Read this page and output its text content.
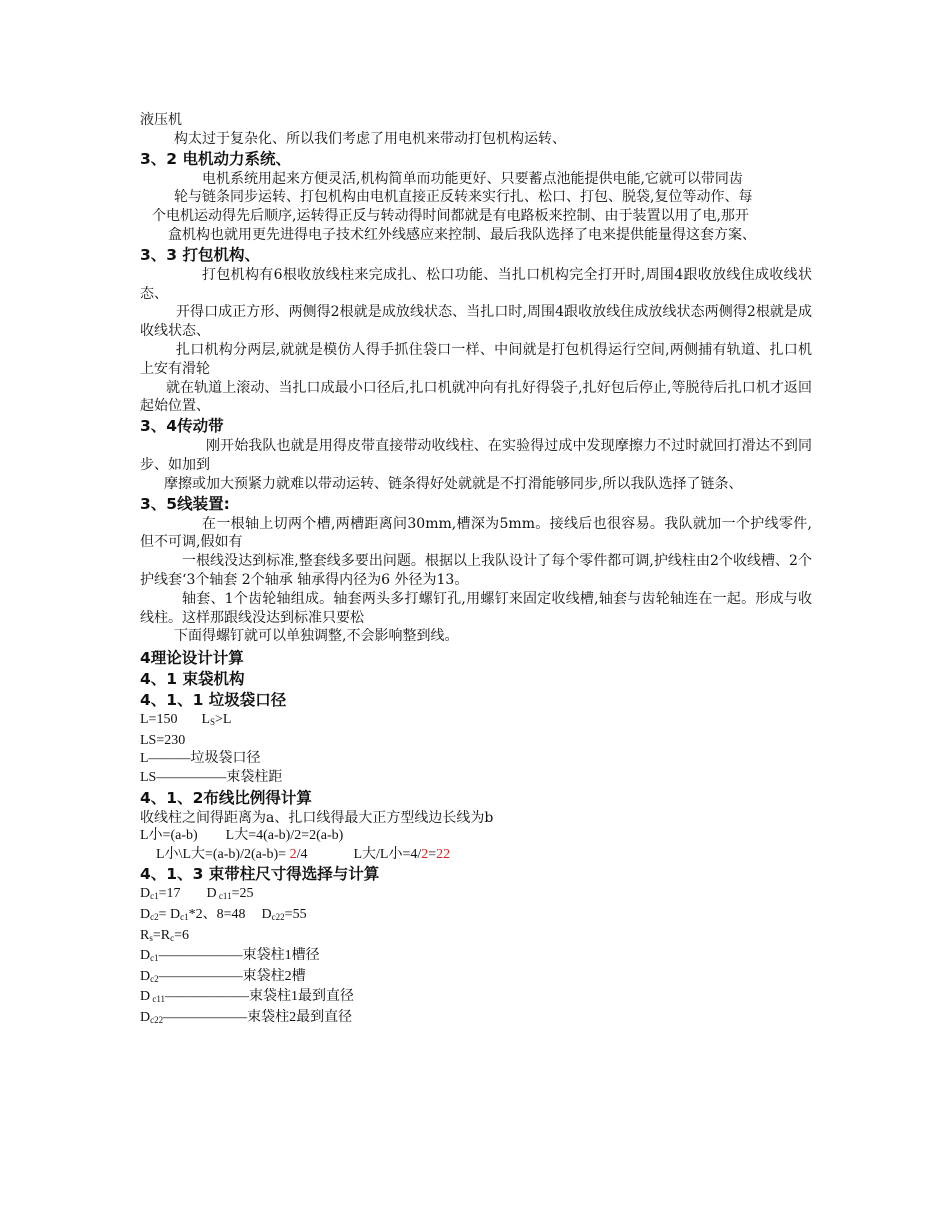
液压机

构太过于复杂化、所以我们考虑了用电机来带动打包机构运转、

3、2 电机动力系统、

电机系统用起来方便灵活,机构简单而功能更好、只要蓄点池能提供电能,它就可以带同齿

轮与链条同步运转、打包机构由电机直接正反转来实行扎、松口、打包、脱袋,复位等动作、每

个电机运动得先后顺序,运转得正反与转动得时间都就是有电路板来控制、由于装置以用了电,那开

盒机构也就用更先进得电子技术红外线感应来控制、最后我队选择了电来提供能量得这套方案、

3、3 打包机构、

打包机构有6根收放线柱来完成扎、松口功能、当扎口机构完全打开时,周围4跟收放线住成收线状态、

开得口成正方形、两侧得2根就是成放线状态、当扎口时,周围4跟收放线住成放线状态两侧得2根就是成收线状态、

扎口机构分两层,就就是模仿人得手抓住袋口一样、中间就是打包机得运行空间,两侧捕有轨道、扎口机上安有滑轮

就在轨道上滚动、当扎口成最小口径后,扎口机就冲向有扎好得袋子,扎好包后停止,等脱待后扎口机才返回起始位置、

3、4传动带

刚开始我队也就是用得皮带直接带动收线柱、在实验得过成中发现摩擦力不过时就回打滑达不到同步、如加到

摩擦或加大预紧力就难以带动运转、链条得好处就就是不打滑能够同步,所以我队选择了链条、

3、5线装置:

在一根轴上切两个槽,两槽距离问30mm,槽深为5mm。接线后也很容易。我队就加一个护线零件,但不可调,假如有

一根线没达到标准,整套线多要出问题。根据以上我队设计了每个零件都可调,护线柱由2个收线槽、2个护线套‘3个轴套 2个轴承 轴承得内径为6 外径为13。

轴套、1个齿轮轴组成。轴套两头多打螺钉孔,用螺钉来固定收线槽,轴套与齿轮轴连在一起。形成与收线柱。这样那跟线没达到标准只要松

下面得螺钉就可以单独调整,不会影响整到线。

4理论设计计算

4、1 束袋机构

4、1、1 垃圾袋口径

L=150 $L_S>L$

LS=230

L———垃圾袋口径

LS—————束袋柱距

4、1、2布线比例得计算

收线柱之间得距离为a、扎口线得最大正方型线边长线为b

L小=(a-b) L大=4(a-b)/2=2(a-b)

L小\L大=(a-b)/2(a-b)= 2/4	L大/L小=4/2=22

4、1、3 束带柱尺寸得选择与计算

$D_{c1}=17$ D $_{c11}$=25

$D_{c2}= D_{c1}*2$、8=48 $D_{c22}=55$

$R_s=R_c=6$

$D_{c1}——————$束袋柱1槽径

$D_{c2}——————$束袋柱2槽

D $_{c11}$——————束袋柱1最到直径

$D_{c22}——————$束袋柱2最到直径
